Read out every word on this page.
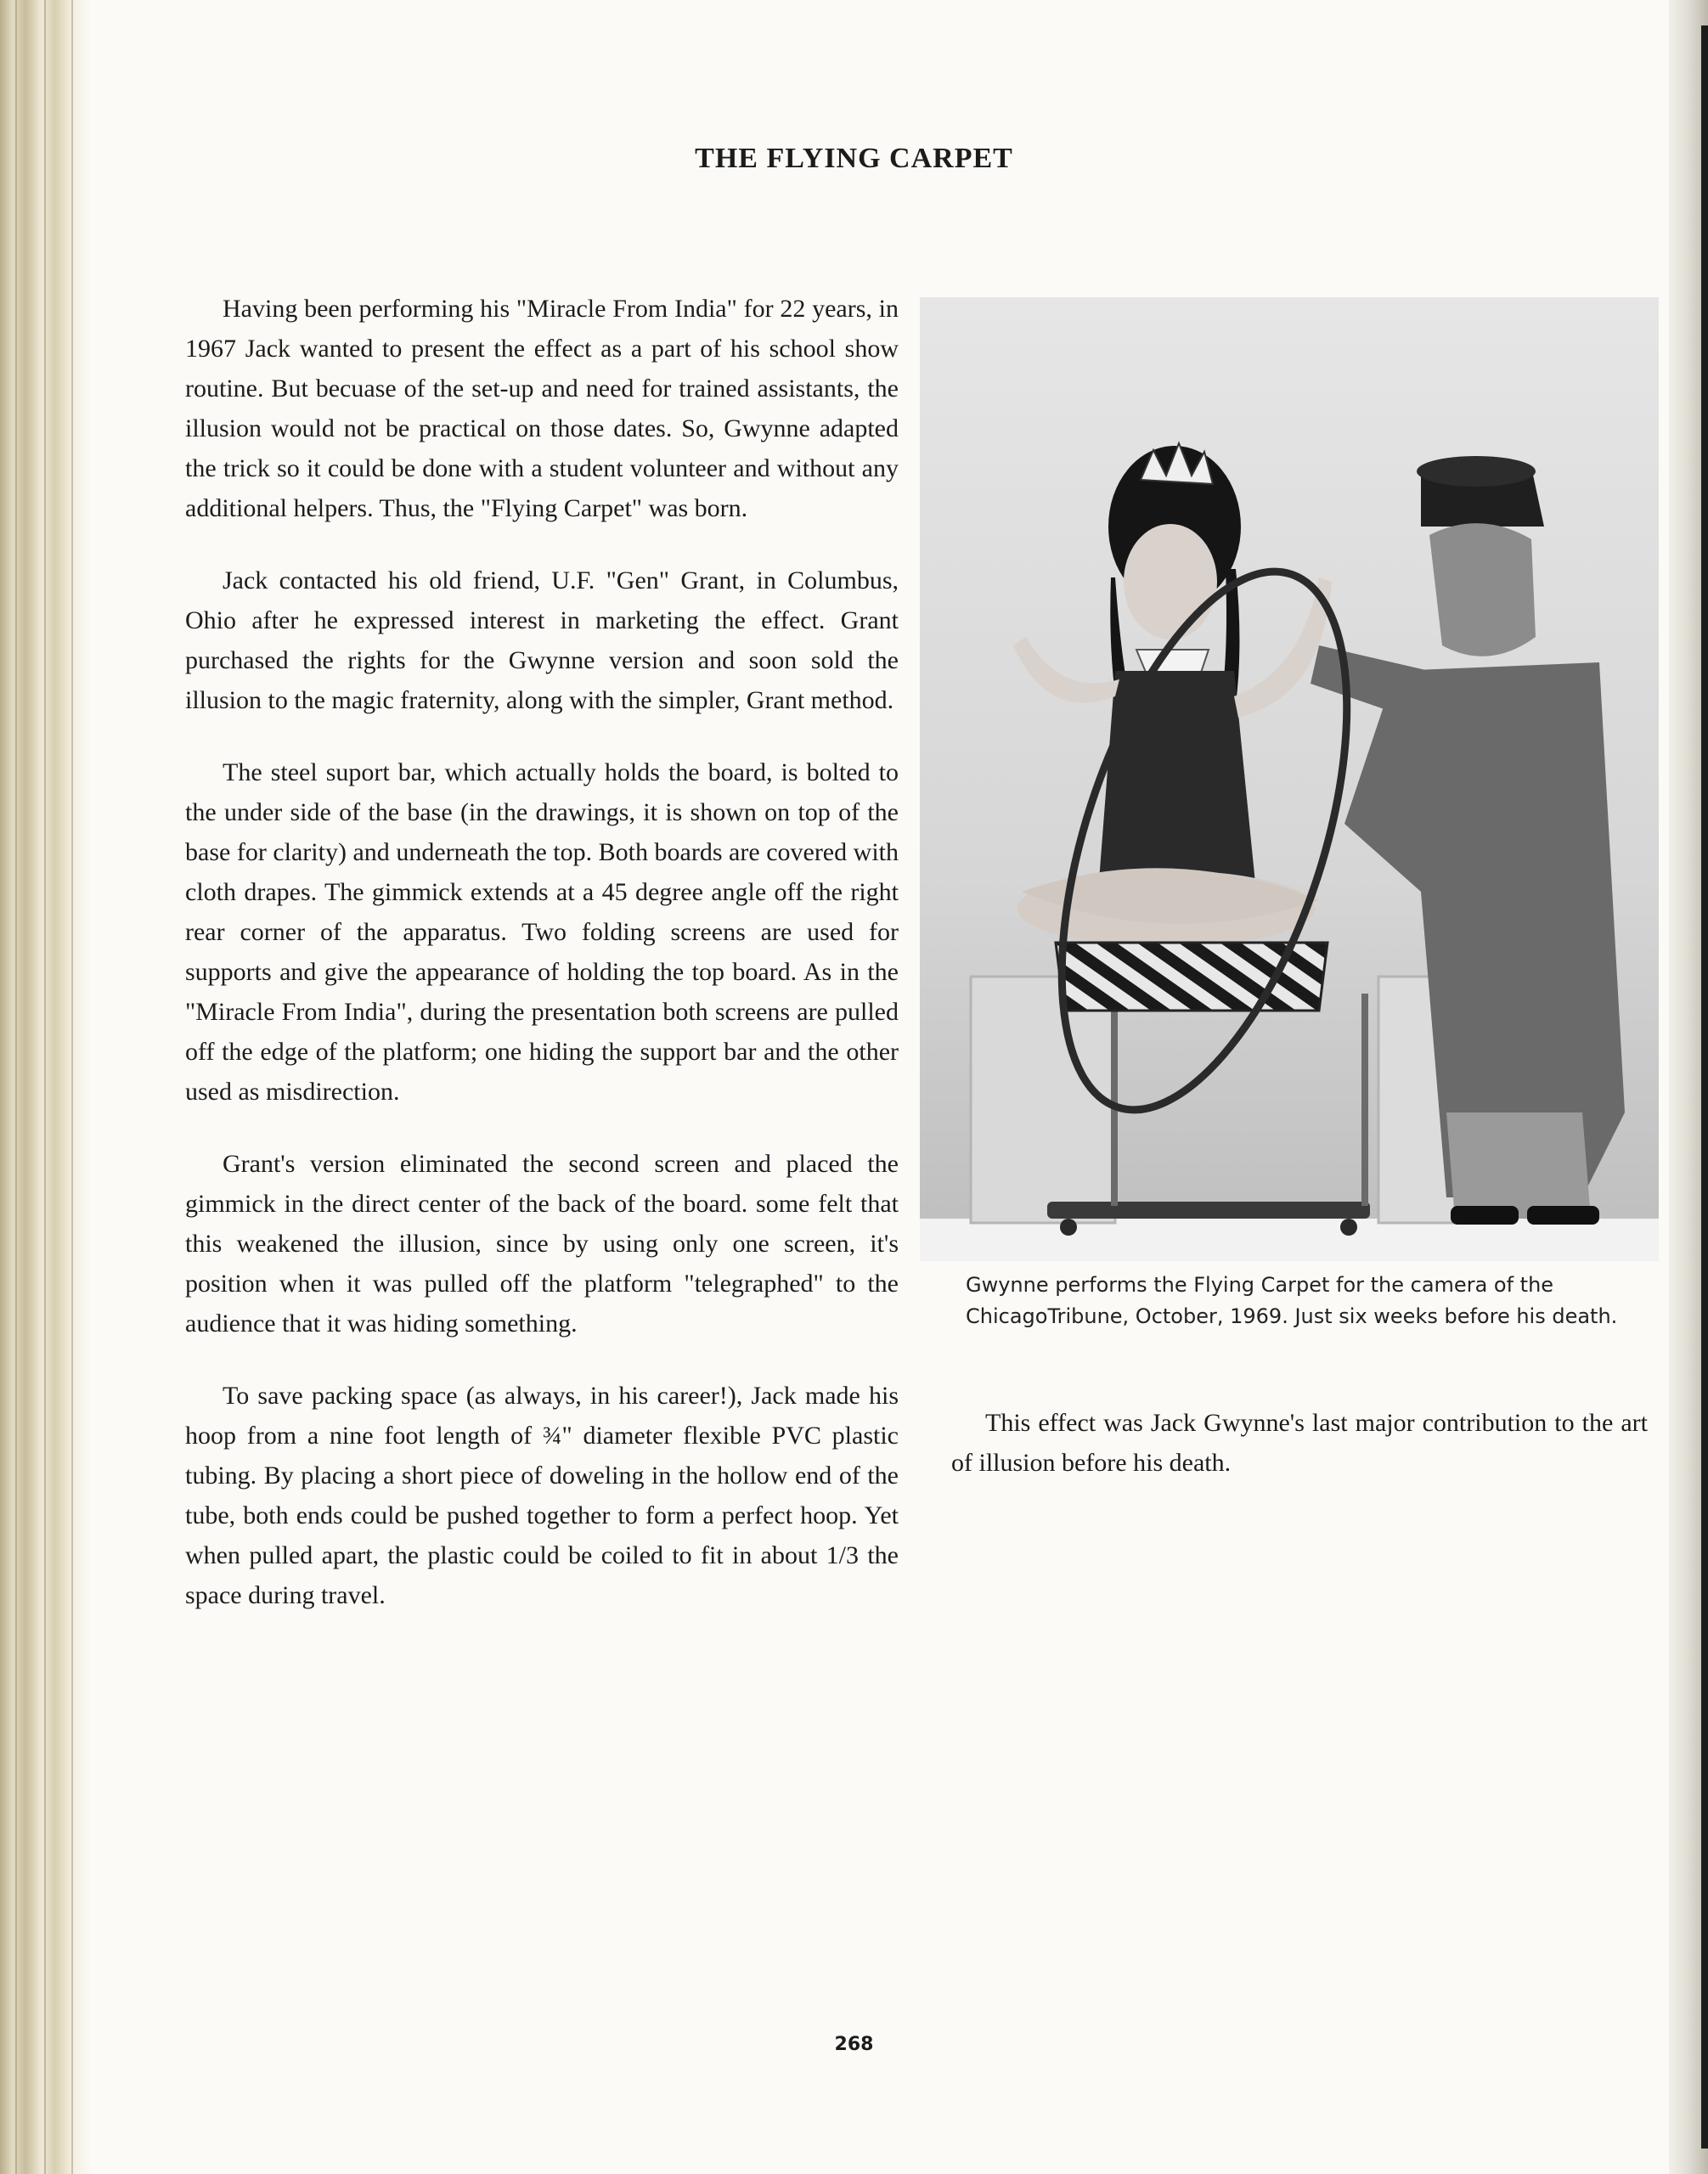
THE FLYING CARPET

Having been performing his "Miracle From India" for 22 years, in 1967 Jack wanted to present the effect as a part of his school show routine. But becuase of the set-up and need for trained assistants, the illusion would not be practical on those dates. So, Gwynne adapted the trick so it could be done with a student volunteer and without any additional helpers. Thus, the "Flying Carpet" was born.

Jack contacted his old friend, U.F. "Gen" Grant, in Columbus, Ohio after he expressed interest in marketing the effect. Grant purchased the rights for the Gwynne version and soon sold the illusion to the magic fraternity, along with the simpler, Grant method.

The steel suport bar, which actually holds the board, is bolted to the under side of the base (in the drawings, it is shown on top of the base for clarity) and underneath the top. Both boards are covered with cloth drapes. The gimmick extends at a 45 degree angle off the right rear corner of the apparatus. Two folding screens are used for supports and give the appearance of holding the top board. As in the "Miracle From India", during the presentation both screens are pulled off the edge of the platform; one hiding the support bar and the other used as misdirection.

Grant's version eliminated the second screen and placed the gimmick in the direct center of the back of the board. some felt that this weakened the illusion, since by using only one screen, it's position when it was pulled off the platform "telegraphed" to the audience that it was hiding something.

To save packing space (as always, in his career!), Jack made his hoop from a nine foot length of ¾" diameter flexible PVC plastic tubing. By placing a short piece of doweling in the hollow end of the tube, both ends could be pushed together to form a perfect hoop. Yet when pulled apart, the plastic could be coiled to fit in about 1/3 the space during travel.

Gwynne performs the Flying Carpet for the camera of the ChicagoTribune, October, 1969. Just six weeks before his death.

This effect was Jack Gwynne's last major contribution to the art of illusion before his death.

268
